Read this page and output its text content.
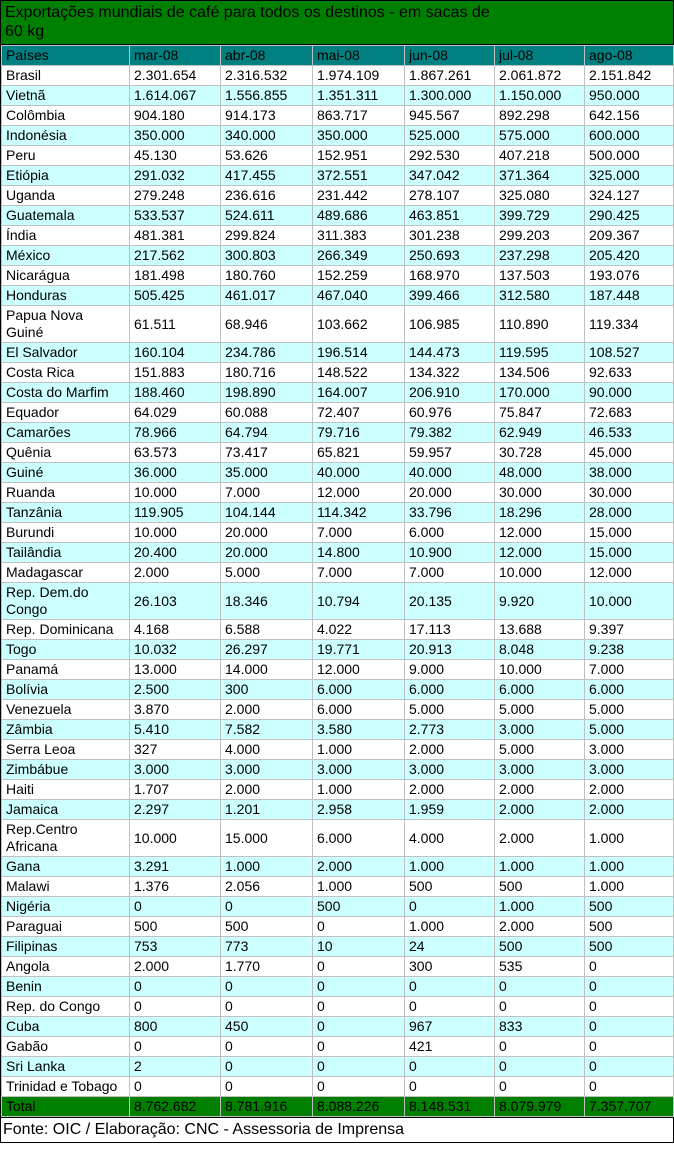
Exportações mundiais de café para todos os destinos - em sacas de 60 kg
Países	mar-08	abr-08	mai-08	jun-08	jul-08	ago-08
Brasil	2.301.654	2.316.532	1.974.109	1.867.261	2.061.872	2.151.842
Vietnã	1.614.067	1.556.855	1.351.311	1.300.000	1.150.000	950.000
Colômbia	904.180	914.173	863.717	945.567	892.298	642.156
Indonésia	350.000	340.000	350.000	525.000	575.000	600.000
Peru	45.130	53.626	152.951	292.530	407.218	500.000
Etiópia	291.032	417.455	372.551	347.042	371.364	325.000
Uganda	279.248	236.616	231.442	278.107	325.080	324.127
Guatemala	533.537	524.611	489.686	463.851	399.729	290.425
Índia	481.381	299.824	311.383	301.238	299.203	209.367
México	217.562	300.803	266.349	250.693	237.298	205.420
Nicarágua	181.498	180.760	152.259	168.970	137.503	193.076
Honduras	505.425	461.017	467.040	399.466	312.580	187.448
Papua Nova Guiné	61.511	68.946	103.662	106.985	110.890	119.334
El Salvador	160.104	234.786	196.514	144.473	119.595	108.527
Costa Rica	151.883	180.716	148.522	134.322	134.506	92.633
Costa do Marfim	188.460	198.890	164.007	206.910	170.000	90.000
Equador	64.029	60.088	72.407	60.976	75.847	72.683
Camarões	78.966	64.794	79.716	79.382	62.949	46.533
Quênia	63.573	73.417	65.821	59.957	30.728	45.000
Guiné	36.000	35.000	40.000	40.000	48.000	38.000
Ruanda	10.000	7.000	12.000	20.000	30.000	30.000
Tanzânia	119.905	104.144	114.342	33.796	18.296	28.000
Burundi	10.000	20.000	7.000	6.000	12.000	15.000
Tailândia	20.400	20.000	14.800	10.900	12.000	15.000
Madagascar	2.000	5.000	7.000	7.000	10.000	12.000
Rep. Dem.do Congo	26.103	18.346	10.794	20.135	9.920	10.000
Rep. Dominicana	4.168	6.588	4.022	17.113	13.688	9.397
Togo	10.032	26.297	19.771	20.913	8.048	9.238
Panamá	13.000	14.000	12.000	9.000	10.000	7.000
Bolívia	2.500	300	6.000	6.000	6.000	6.000
Venezuela	3.870	2.000	6.000	5.000	5.000	5.000
Zâmbia	5.410	7.582	3.580	2.773	3.000	5.000
Serra Leoa	327	4.000	1.000	2.000	5.000	3.000
Zimbábue	3.000	3.000	3.000	3.000	3.000	3.000
Haiti	1.707	2.000	1.000	2.000	2.000	2.000
Jamaica	2.297	1.201	2.958	1.959	2.000	2.000
Rep.Centro Africana	10.000	15.000	6.000	4.000	2.000	1.000
Gana	3.291	1.000	2.000	1.000	1.000	1.000
Malawi	1.376	2.056	1.000	500	500	1.000
Nigéria	0	0	500	0	1.000	500
Paraguai	500	500	0	1.000	2.000	500
Filipinas	753	773	10	24	500	500
Angola	2.000	1.770	0	300	535	0
Benin	0	0	0	0	0	0
Rep. do Congo	0	0	0	0	0	0
Cuba	800	450	0	967	833	0
Gabão	0	0	0	421	0	0
Sri Lanka	2	0	0	0	0	0
Trinidad e Tobago	0	0	0	0	0	0
Total	8.762.682	8.781.916	8.088.226	8.148.531	8.079.979	7.357.707
Fonte: OIC / Elaboração: CNC - Assessoria de Imprensa
